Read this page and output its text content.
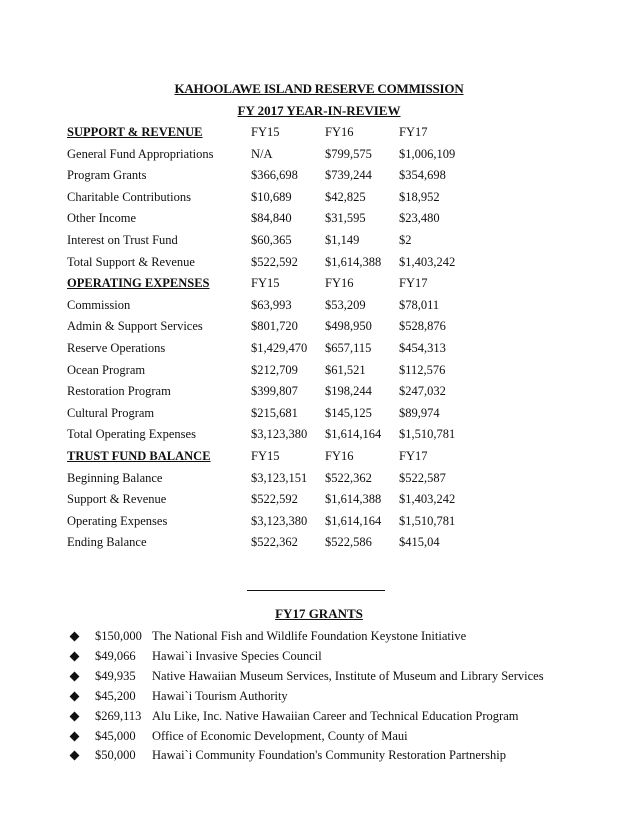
KAHOOLAWE ISLAND RESERVE COMMISSION
FY 2017 YEAR-IN-REVIEW
SUPPORT & REVENUE	FY15	FY16	FY17
General Fund Appropriations	N/A	$799,575 $1,006,109
Program Grants	$366,698 $739,244 $354,698
Charitable Contributions	$10,689	$42,825	$18,952
Other Income	$84,840	$31,595	$23,480
Interest on Trust Fund	$60,365	$1,149	$2
Total Support & Revenue	$522,592 $1,614,388 $1,403,242
OPERATING EXPENSES	FY15	FY16	FY17
Commission	$63,993	$53,209	$78,011
Admin & Support Services	$801,720 $498,950 $528,876
Reserve Operations	$1,429,470 $657,115 $454,313
Ocean Program	$212,709 $61,521	$112,576
Restoration Program	$399,807 $198,244 $247,032
Cultural Program	$215,681 $145,125 $89,974
Total Operating Expenses	$3,123,380 $1,614,164 $1,510,781
TRUST FUND BALANCE	FY15	FY16	FY17
Beginning Balance	$3,123,151 $522,362 $522,587
Support & Revenue	$522,592 $1,614,388 $1,403,242
Operating Expenses	$3,123,380 $1,614,164 $1,510,781
Ending Balance	$522,362 $522,586 $415,04
FY17 GRANTS
$150,000 The National Fish and Wildlife Foundation Keystone Initiative
$49,066 Hawai`i Invasive Species Council
$49,935 Native Hawaiian Museum Services, Institute of Museum and Library Services
$45,200 Hawai`i Tourism Authority
$269,113 Alu Like, Inc. Native Hawaiian Career and Technical Education Program
$45,000 Office of Economic Development, County of Maui
$50,000 Hawai`i Community Foundation's Community Restoration Partnership
